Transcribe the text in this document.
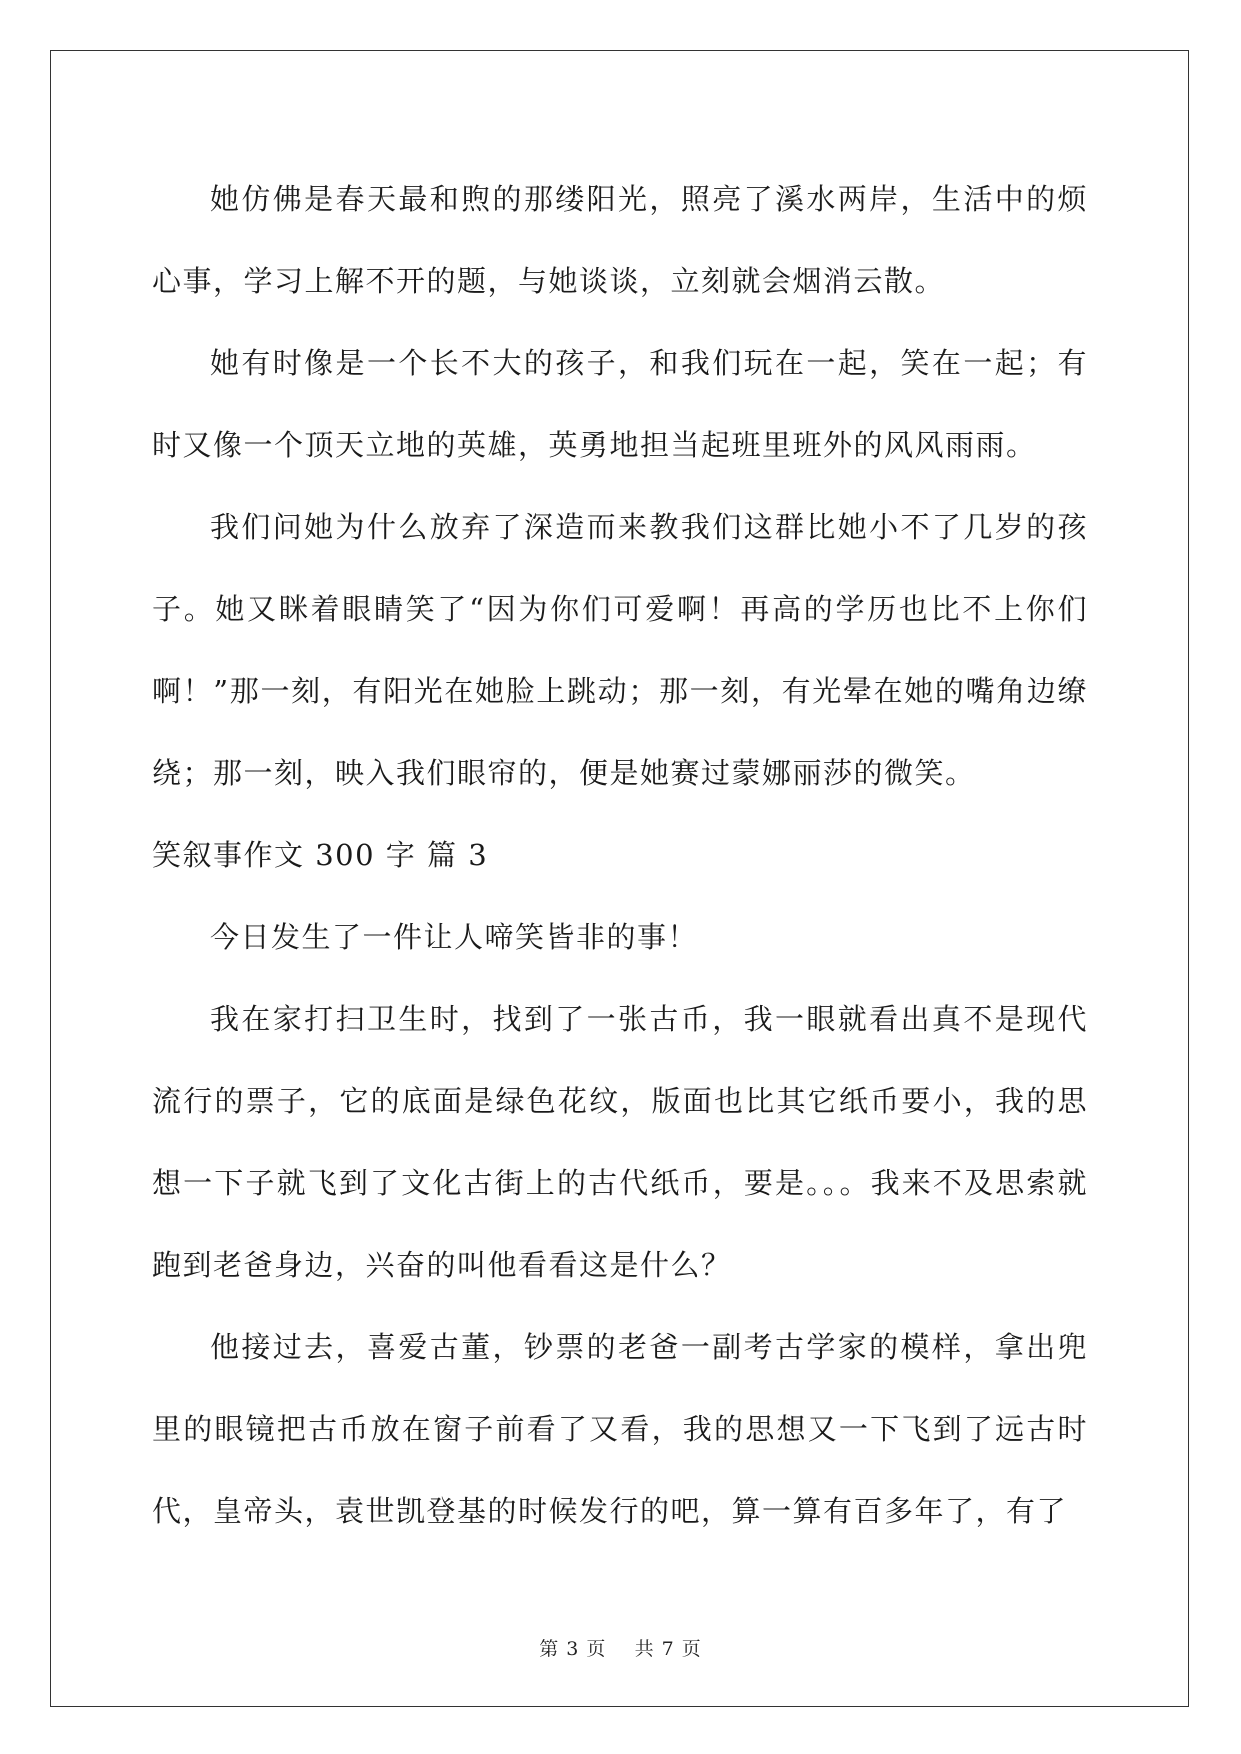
她仿佛是春天最和煦的那缕阳光，照亮了溪水两岸，生活中的烦心事，学习上解不开的题，与她谈谈，立刻就会烟消云散。

她有时像是一个长不大的孩子，和我们玩在一起，笑在一起；有时又像一个顶天立地的英雄，英勇地担当起班里班外的风风雨雨。

我们问她为什么放弃了深造而来教我们这群比她小不了几岁的孩子。她又眯着眼睛笑了“因为你们可爱啊！再高的学历也比不上你们啊！”那一刻，有阳光在她脸上跳动；那一刻，有光晕在她的嘴角边缭绕；那一刻，映入我们眼帘的，便是她赛过蒙娜丽莎的微笑。

笑叙事作文 300 字 篇 3

今日发生了一件让人啼笑皆非的事！

我在家打扫卫生时，找到了一张古币，我一眼就看出真不是现代流行的票子，它的底面是绿色花纹，版面也比其它纸币要小，我的思想一下子就飞到了文化古街上的古代纸币，要是。。。我来不及思索就跑到老爸身边，兴奋的叫他看看这是什么？

他接过去，喜爱古董，钞票的老爸一副考古学家的模样，拿出兜里的眼镜把古币放在窗子前看了又看，我的思想又一下飞到了远古时代，皇帝头，袁世凯登基的时候发行的吧，算一算有百多年了，有了

第 3 页 共 7 页
